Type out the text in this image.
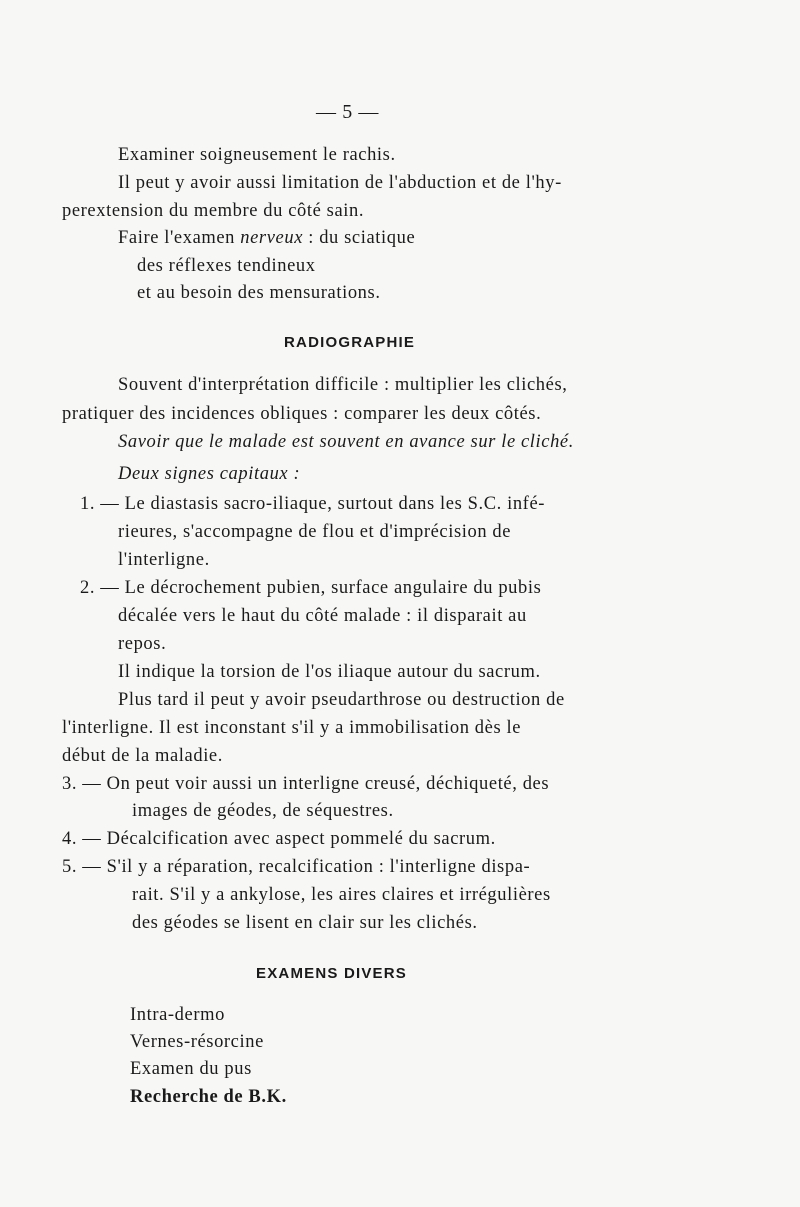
— 5 —
Examiner soigneusement le rachis.
Il peut y avoir aussi limitation de l'abduction et de l'hy-
perextension du membre du côté sain.
Faire l'examen nerveux : du sciatique
des réflexes tendineux
et au besoin des mensurations.
RADIOGRAPHIE
Souvent d'interprétation difficile : multiplier les clichés,
pratiquer des incidences obliques : comparer les deux côtés.
Savoir que le malade est souvent en avance sur le cliché.
Deux signes capitaux :
1. — Le diastasis sacro-iliaque, surtout dans les S.C. infé-
rieures, s'accompagne de flou et d'imprécision de
l'interligne.
2. — Le décrochement pubien, surface angulaire du pubis
décalée vers le haut du côté malade : il disparait au
repos.
Il indique la torsion de l'os iliaque autour du sacrum.
Plus tard il peut y avoir pseudarthrose ou destruction de
l'interligne. Il est inconstant s'il y a immobilisation dès le
début de la maladie.
3. — On peut voir aussi un interligne creusé, déchiqueté, des
images de géodes, de séquestres.
4. — Décalcification avec aspect pommelé du sacrum.
5. — S'il y a réparation, recalcification : l'interligne dispa-
rait. S'il y a ankylose, les aires claires et irrégulières
des géodes se lisent en clair sur les clichés.
EXAMENS DIVERS
Intra-dermo
Vernes-résorcine
Examen du pus
Recherche de B.K.
